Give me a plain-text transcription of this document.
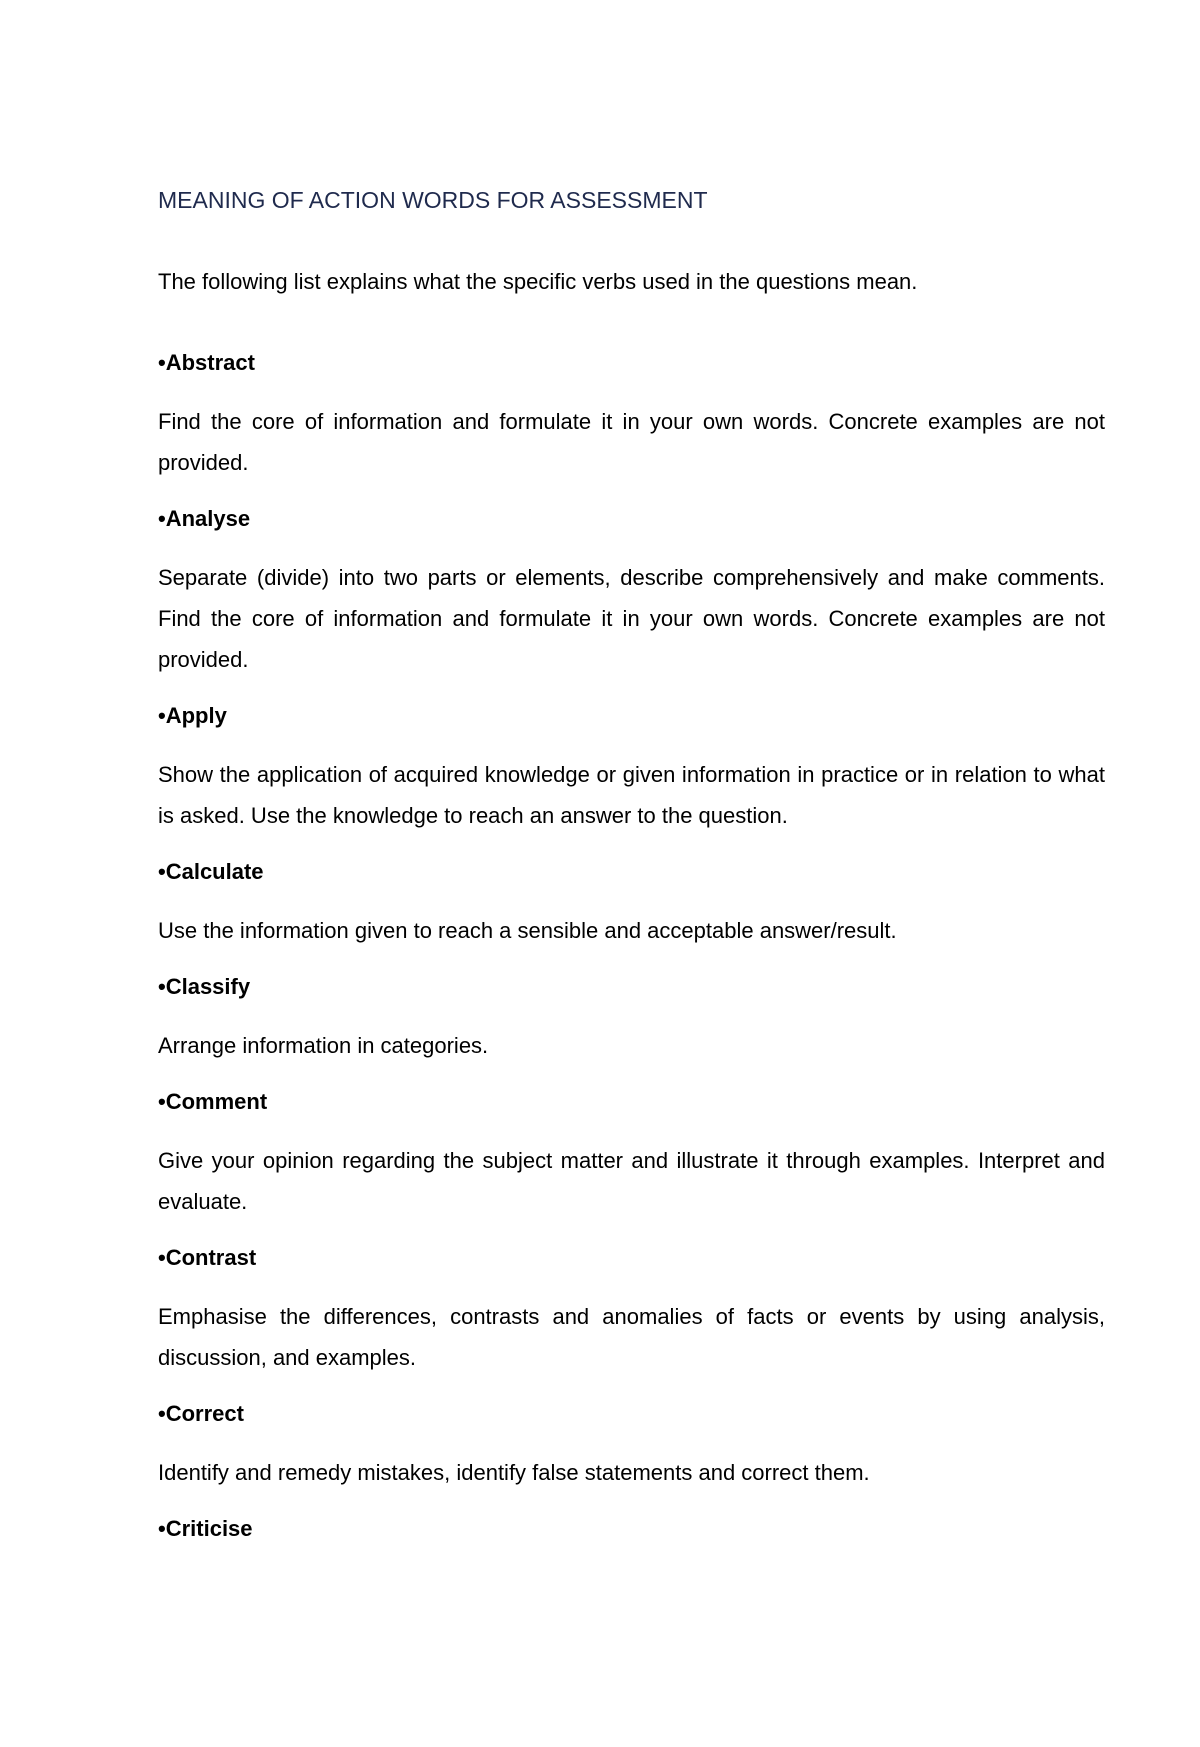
MEANING OF ACTION WORDS FOR ASSESSMENT

The following list explains what the specific verbs used in the questions mean.

•Abstract

Find the core of information and formulate it in your own words. Concrete examples are not provided.

•Analyse

Separate (divide) into two parts or elements, describe comprehensively and make comments. Find the core of information and formulate it in your own words. Concrete examples are not provided.

•Apply

Show the application of acquired knowledge or given information in practice or in relation to what is asked. Use the knowledge to reach an answer to the question.

•Calculate

Use the information given to reach a sensible and acceptable answer/result.

•Classify

Arrange information in categories.

•Comment

Give your opinion regarding the subject matter and illustrate it through examples. Interpret and evaluate.

•Contrast

Emphasise the differences, contrasts and anomalies of facts or events by using analysis, discussion, and examples.

•Correct

Identify and remedy mistakes, identify false statements and correct them.

•Criticise
